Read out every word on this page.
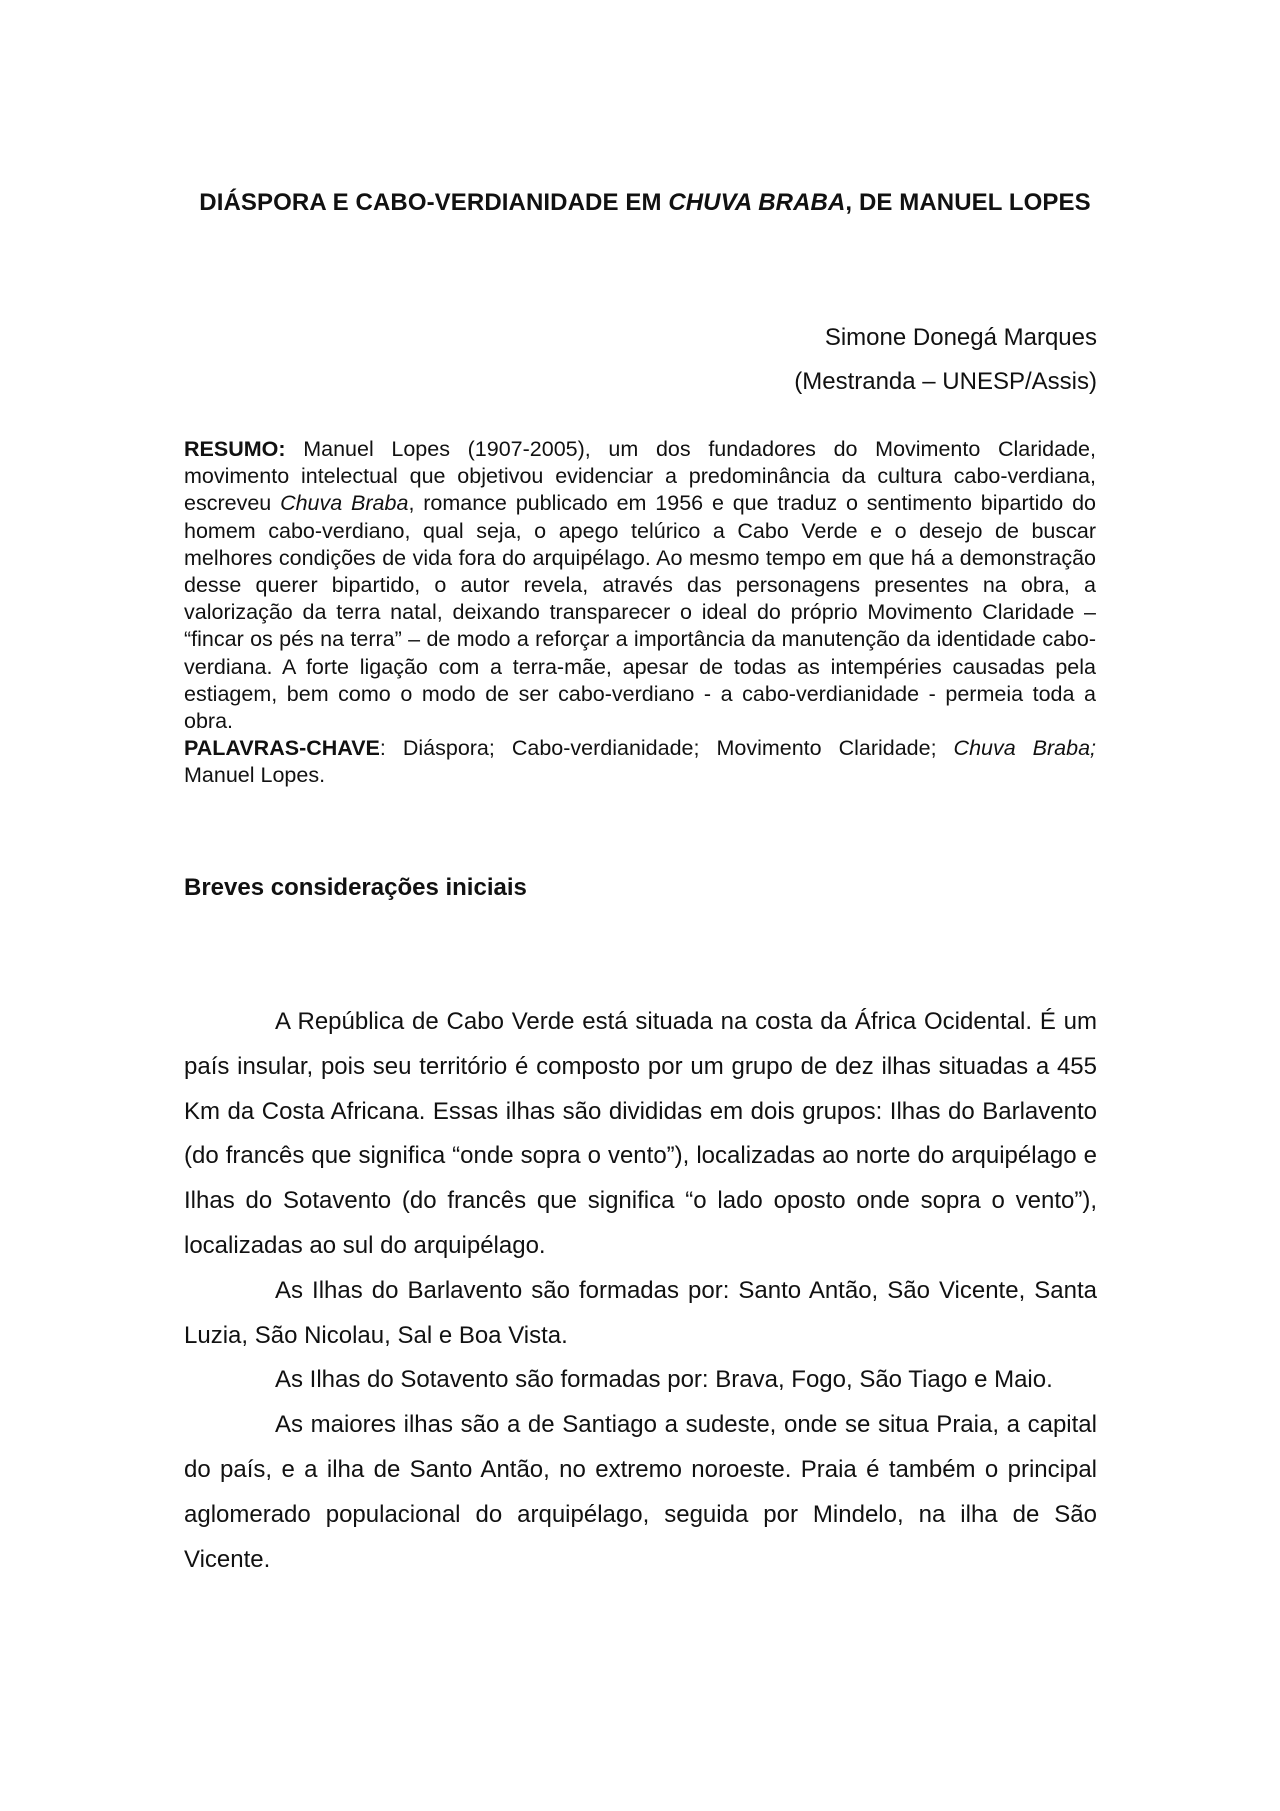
DIÁSPORA E CABO-VERDIANIDADE EM CHUVA BRABA, DE MANUEL LOPES
Simone Donegá Marques
(Mestranda – UNESP/Assis)

RESUMO: Manuel Lopes (1907-2005), um dos fundadores do Movimento Claridade, movimento intelectual que objetivou evidenciar a predominância da cultura cabo-verdiana, escreveu Chuva Braba, romance publicado em 1956 e que traduz o sentimento bipartido do homem cabo-verdiano, qual seja, o apego telúrico a Cabo Verde e o desejo de buscar melhores condições de vida fora do arquipélago. Ao mesmo tempo em que há a demonstração desse querer bipartido, o autor revela, através das personagens presentes na obra, a valorização da terra natal, deixando transparecer o ideal do próprio Movimento Claridade – “fincar os pés na terra” – de modo a reforçar a importância da manutenção da identidade cabo-verdiana. A forte ligação com a terra-mãe, apesar de todas as intempéries causadas pela estiagem, bem como o modo de ser cabo-verdiano - a cabo-verdianidade - permeia toda a obra.

PALAVRAS-CHAVE: Diáspora; Cabo-verdianidade; Movimento Claridade; Chuva Braba; Manuel Lopes.

Breves considerações iniciais

A República de Cabo Verde está situada na costa da África Ocidental. É um país insular, pois seu território é composto por um grupo de dez ilhas situadas a 455 Km da Costa Africana. Essas ilhas são divididas em dois grupos: Ilhas do Barlavento (do francês que significa “onde sopra o vento”), localizadas ao norte do arquipélago e Ilhas do Sotavento (do francês que significa “o lado oposto onde sopra o vento”), localizadas ao sul do arquipélago.

As Ilhas do Barlavento são formadas por: Santo Antão, São Vicente, Santa Luzia, São Nicolau, Sal e Boa Vista.

As Ilhas do Sotavento são formadas por: Brava, Fogo, São Tiago e Maio.

As maiores ilhas são a de Santiago a sudeste, onde se situa Praia, a capital do país, e a ilha de Santo Antão, no extremo noroeste. Praia é também o principal aglomerado populacional do arquipélago, seguida por Mindelo, na ilha de São Vicente.
